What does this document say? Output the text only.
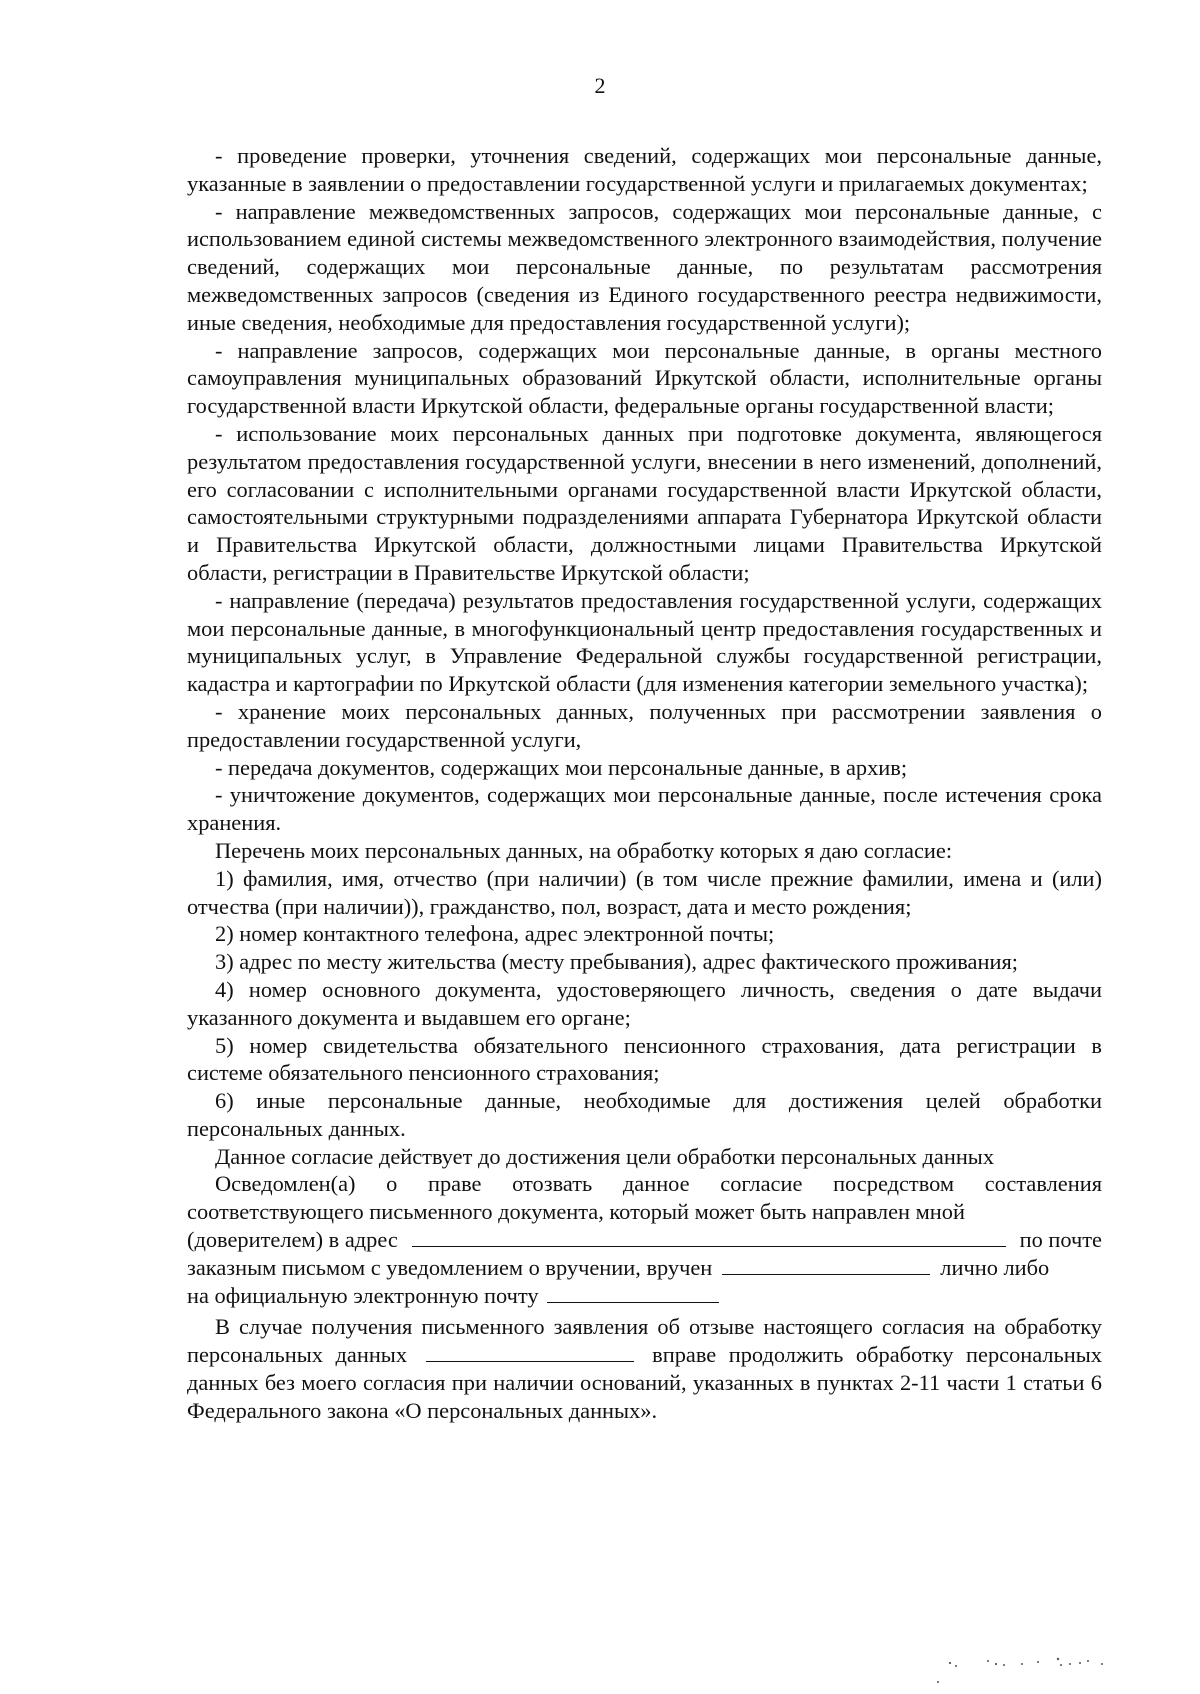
2

- проведение проверки, уточнения сведений, содержащих мои персональные данные, указанные в заявлении о предоставлении государственной услуги и прилагаемых документах;

- направление межведомственных запросов, содержащих мои персональные данные, с использованием единой системы межведомственного электронного взаимодействия, получение сведений, содержащих мои персональные данные, по результатам рассмотрения межведомственных запросов (сведения из Единого государственного реестра недвижимости, иные сведения, необходимые для предоставления государственной услуги);

- направление запросов, содержащих мои персональные данные, в органы местного самоуправления муниципальных образований Иркутской области, исполнительные органы государственной власти Иркутской области, федеральные органы государственной власти;

- использование моих персональных данных при подготовке документа, являющегося результатом предоставления государственной услуги, внесении в него изменений, дополнений, его согласовании с исполнительными органами государственной власти Иркутской области, самостоятельными структурными подразделениями аппарата Губернатора Иркутской области и Правительства Иркутской области, должностными лицами Правительства Иркутской области, регистрации в Правительстве Иркутской области;

- направление (передача) результатов предоставления государственной услуги, содержащих мои персональные данные, в многофункциональный центр предоставления государственных и муниципальных услуг, в Управление Федеральной службы государственной регистрации, кадастра и картографии по Иркутской области (для изменения категории земельного участка);

- хранение моих персональных данных, полученных при рассмотрении заявления о предоставлении государственной услуги,

- передача документов, содержащих мои персональные данные, в архив;

- уничтожение документов, содержащих мои персональные данные, после истечения срока хранения.

Перечень моих персональных данных, на обработку которых я даю согласие:

1) фамилия, имя, отчество (при наличии) (в том числе прежние фамилии, имена и (или) отчества (при наличии)), гражданство, пол, возраст, дата и место рождения;

2) номер контактного телефона, адрес электронной почты;

3) адрес по месту жительства (месту пребывания), адрес фактического проживания;

4) номер основного документа, удостоверяющего личность, сведения о дате выдачи указанного документа и выдавшем его органе;

5) номер свидетельства обязательного пенсионного страхования, дата регистрации в системе обязательного пенсионного страхования;

6) иные персональные данные, необходимые для достижения целей обработки персональных данных.

Данное согласие действует до достижения цели обработки персональных данных

Осведомлен(а) о праве отозвать данное согласие посредством составления соответствующего письменного документа, который может быть направлен мной

(доверителем) в адрес	по почте
заказным письмом с уведомлением о вручении, вручен	лично либо
на официальную электронную почту

В случае получения письменного заявления об отзыве настоящего согласия на обработку персональных данных	вправе продолжить обработку персональных данных без моего согласия при наличии оснований, указанных в пунктах 2-11 части 1 статьи 6 Федерального закона «О персональных данных».
